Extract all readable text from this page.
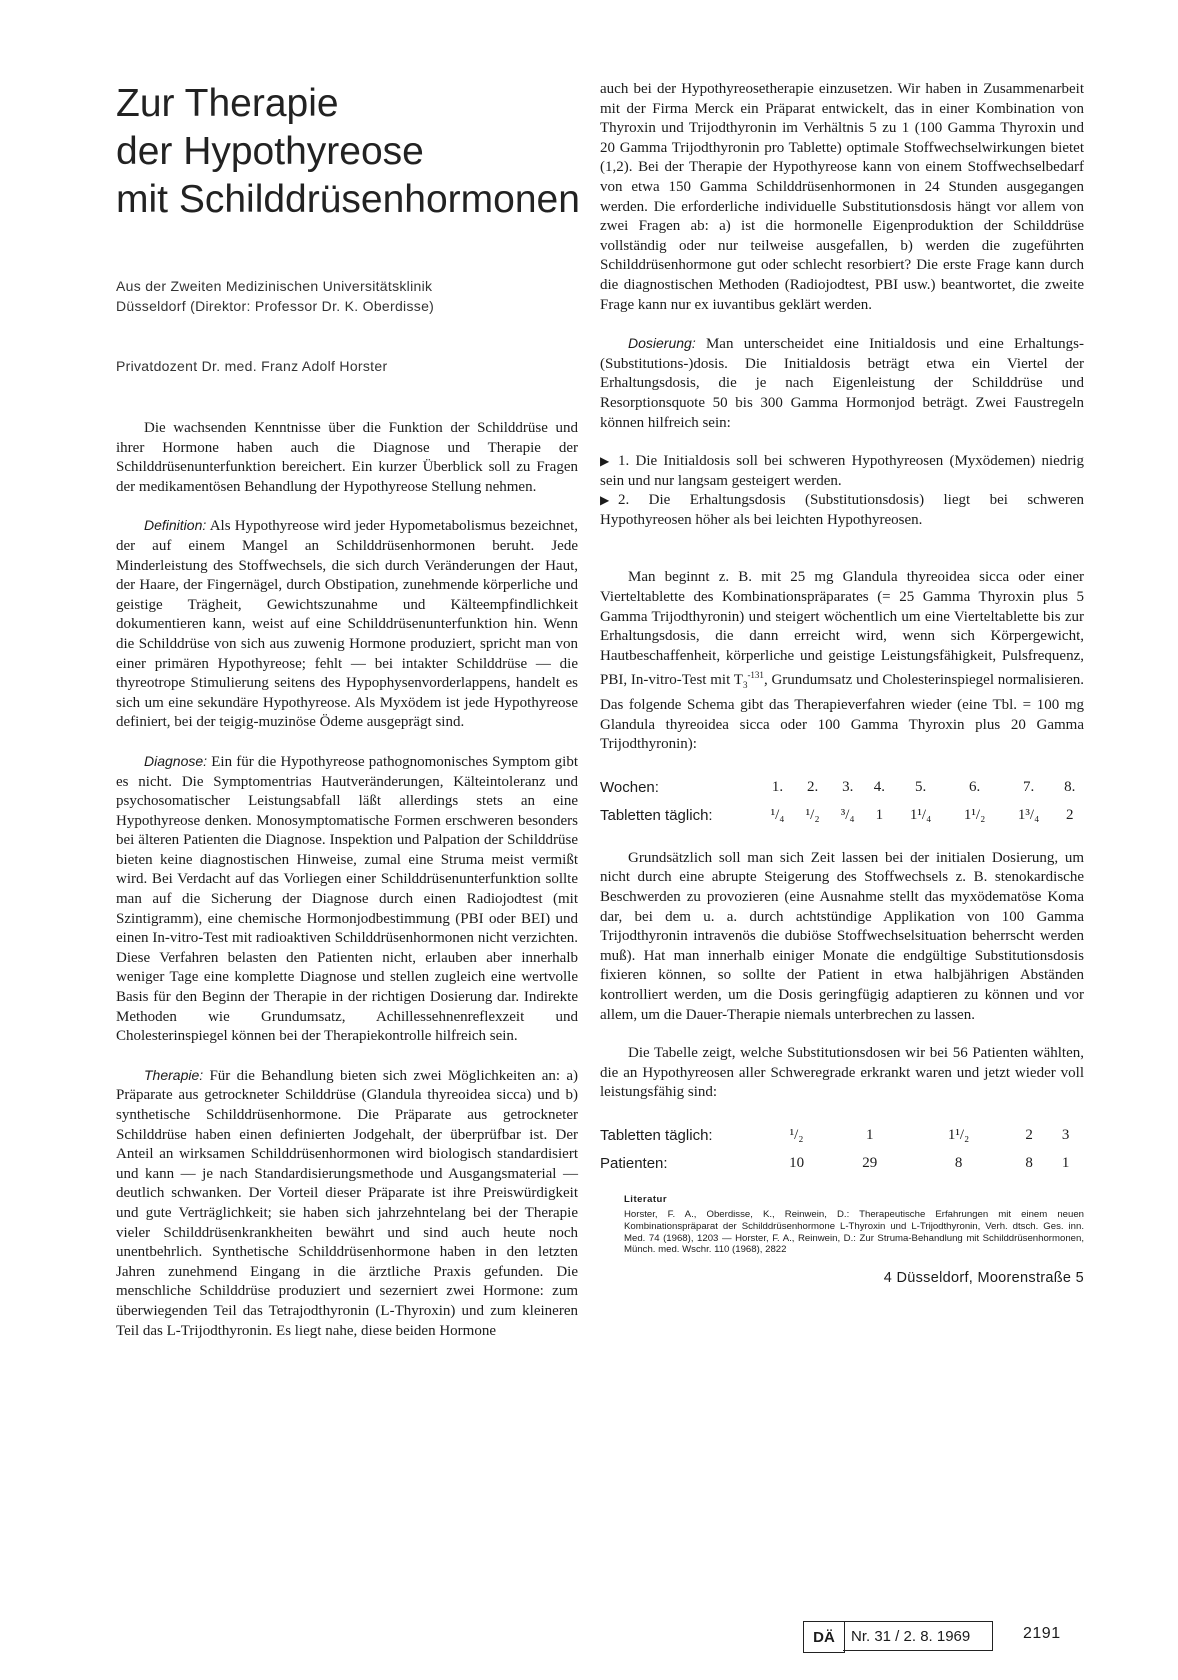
Zur Therapie
der Hypothyreose
mit Schilddrüsenhormonen
Aus der Zweiten Medizinischen Universitätsklinik
Düsseldorf (Direktor: Professor Dr. K. Oberdisse)
Privatdozent Dr. med. Franz Adolf Horster

Die wachsenden Kenntnisse über die Funktion der Schilddrüse und ihrer Hormone haben auch die Diagnose und Therapie der Schilddrüsenunterfunktion bereichert. Ein kurzer Überblick soll zu Fragen der medikamentösen Behandlung der Hypothyreose Stellung nehmen.

Definition: Als Hypothyreose wird jeder Hypometabolismus bezeichnet, der auf einem Mangel an Schilddrüsenhormonen beruht. Jede Minderleistung des Stoffwechsels, die sich durch Veränderungen der Haut, der Haare, der Fingernägel, durch Obstipation, zunehmende körperliche und geistige Trägheit, Gewichtszunahme und Kälteempfindlichkeit dokumentieren kann, weist auf eine Schilddrüsenunterfunktion hin. Wenn die Schilddrüse von sich aus zuwenig Hormone produziert, spricht man von einer primären Hypothyreose; fehlt — bei intakter Schilddrüse — die thyreotrope Stimulierung seitens des Hypophysenvorderlappens, handelt es sich um eine sekundäre Hypothyreose. Als Myxödem ist jede Hypothyreose definiert, bei der teigig-muzinöse Ödeme ausgeprägt sind.

Diagnose: Ein für die Hypothyreose pathognomonisches Symptom gibt es nicht. Die Symptomentrias Hautveränderungen, Kälteintoleranz und psychosomatischer Leistungsabfall läßt allerdings stets an eine Hypothyreose denken. Monosymptomatische Formen erschweren besonders bei älteren Patienten die Diagnose. Inspektion und Palpation der Schilddrüse bieten keine diagnostischen Hinweise, zumal eine Struma meist vermißt wird. Bei Verdacht auf das Vorliegen einer Schilddrüsenunterfunktion sollte man auf die Sicherung der Diagnose durch einen Radiojodtest (mit Szintigramm), eine chemische Hormonjodbestimmung (PBI oder BEI) und einen In-vitro-Test mit radioaktiven Schilddrüsenhormonen nicht verzichten. Diese Verfahren belasten den Patienten nicht, erlauben aber innerhalb weniger Tage eine komplette Diagnose und stellen zugleich eine wertvolle Basis für den Beginn der Therapie in der richtigen Dosierung dar. Indirekte Methoden wie Grundumsatz, Achillessehnenreflexzeit und Cholesterinspiegel können bei der Therapiekontrolle hilfreich sein.

Therapie: Für die Behandlung bieten sich zwei Möglichkeiten an: a) Präparate aus getrockneter Schilddrüse (Glandula thyreoidea sicca) und b) synthetische Schilddrüsenhormone. Die Präparate aus getrockneter Schilddrüse haben einen definierten Jodgehalt, der überprüfbar ist. Der Anteil an wirksamen Schilddrüsenhormonen wird biologisch standardisiert und kann — je nach Standardisierungsmethode und Ausgangsmaterial — deutlich schwanken. Der Vorteil dieser Präparate ist ihre Preiswürdigkeit und gute Verträglichkeit; sie haben sich jahrzehntelang bei der Therapie vieler Schilddrüsenkrankheiten bewährt und sind auch heute noch unentbehrlich. Synthetische Schilddrüsenhormone haben in den letzten Jahren zunehmend Eingang in die ärztliche Praxis gefunden. Die menschliche Schilddrüse produziert und sezerniert zwei Hormone: zum überwiegenden Teil das Tetrajodthyronin (L-Thyroxin) und zum kleineren Teil das L-Trijodthyronin. Es liegt nahe, diese beiden Hormone

auch bei der Hypothyreosetherapie einzusetzen. Wir haben in Zusammenarbeit mit der Firma Merck ein Präparat entwickelt, das in einer Kombination von Thyroxin und Trijodthyronin im Verhältnis 5 zu 1 (100 Gamma Thyroxin und 20 Gamma Trijodthyronin pro Tablette) optimale Stoffwechselwirkungen bietet (1,2). Bei der Therapie der Hypothyreose kann von einem Stoffwechselbedarf von etwa 150 Gamma Schilddrüsenhormonen in 24 Stunden ausgegangen werden. Die erforderliche individuelle Substitutionsdosis hängt vor allem von zwei Fragen ab: a) ist die hormonelle Eigenproduktion der Schilddrüse vollständig oder nur teilweise ausgefallen, b) werden die zugeführten Schilddrüsenhormone gut oder schlecht resorbiert? Die erste Frage kann durch die diagnostischen Methoden (Radiojodtest, PBI usw.) beantwortet, die zweite Frage kann nur ex iuvantibus geklärt werden.

Dosierung: Man unterscheidet eine Initialdosis und eine Erhaltungs-(Substitutions-)dosis. Die Initialdosis beträgt etwa ein Viertel der Erhaltungsdosis, die je nach Eigenleistung der Schilddrüse und Resorptionsquote 50 bis 300 Gamma Hormonjod beträgt. Zwei Faustregeln können hilfreich sein:

▶ 1. Die Initialdosis soll bei schweren Hypothyreosen (Myxödemen) niedrig sein und nur langsam gesteigert werden.

▶ 2. Die Erhaltungsdosis (Substitutionsdosis) liegt bei schweren Hypothyreosen höher als bei leichten Hypothyreosen.

Man beginnt z. B. mit 25 mg Glandula thyreoidea sicca oder einer Vierteltablette des Kombinationspräparates (= 25 Gamma Thyroxin plus 5 Gamma Trijodthyronin) und steigert wöchentlich um eine Vierteltablette bis zur Erhaltungsdosis, die dann erreicht wird, wenn sich Körpergewicht, Hautbeschaffenheit, körperliche und geistige Leistungsfähigkeit, Pulsfrequenz, PBI, In-vitro-Test mit $T_3^{-131}$, Grundumsatz und Cholesterinspiegel normalisieren. Das folgende Schema gibt das Therapieverfahren wieder (eine Tbl. = 100 mg Glandula thyreoidea sicca oder 100 Gamma Thyroxin plus 20 Gamma Trijodthyronin):

Wochen:	1.	2.	3.	4.	5.	6.	7.	8.
Tabletten täglich:	¹/₄	¹/₂	³/₄	1	1¹/₄	1¹/₂	1³/₄	2

Grundsätzlich soll man sich Zeit lassen bei der initialen Dosierung, um nicht durch eine abrupte Steigerung des Stoffwechsels z. B. stenokardische Beschwerden zu provozieren (eine Ausnahme stellt das myxödematöse Koma dar, bei dem u. a. durch achtstündige Applikation von 100 Gamma Trijodthyronin intravenös die dubiöse Stoffwechselsituation beherrscht werden muß). Hat man innerhalb einiger Monate die endgültige Substitutionsdosis fixieren können, so sollte der Patient in etwa halbjährigen Abständen kontrolliert werden, um die Dosis geringfügig adaptieren zu können und vor allem, um die Dauer-Therapie niemals unterbrechen zu lassen.

Die Tabelle zeigt, welche Substitutionsdosen wir bei 56 Patienten wählten, die an Hypothyreosen aller Schweregrade erkrankt waren und jetzt wieder voll leistungsfähig sind:

Tabletten täglich:	¹/₂	1	1¹/₂	2	3
Patienten:	10	29	8	8	1
Literatur
Horster, F. A., Oberdisse, K., Reinwein, D.: Therapeutische Erfahrungen mit einem neuen Kombinationspräparat der Schilddrüsenhormone L-Thyroxin und L-Trijodthyronin, Verh. dtsch. Ges. inn. Med. 74 (1968), 1203 — Horster, F. A., Reinwein, D.: Zur Struma-Behandlung mit Schilddrüsenhormonen, Münch. med. Wschr. 110 (1968), 2822
4 Düsseldorf, Moorenstraße 5
DÄ	Nr. 31 / 2. 8. 1969	2191
